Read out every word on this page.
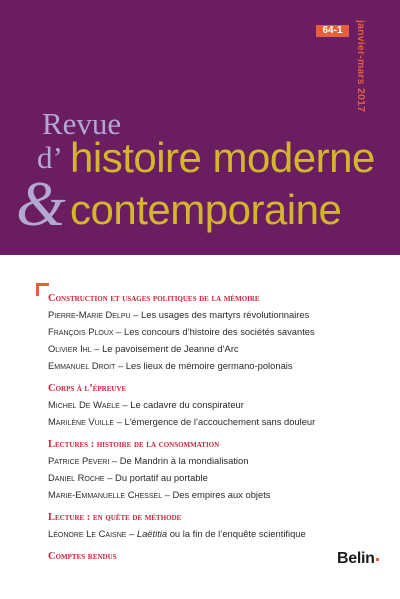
64-1	janvier-mars 2017
Revue
d’ histoire moderne
& contemporaine
Construction et usages politiques de la mémoire
Pierre-Marie Delpu – Les usages des martyrs révolutionnaires
François Ploux – Les concours d’histoire des sociétés savantes
Olivier Ihl – Le pavoisement de Jeanne d’Arc
Emmanuel Droit – Les lieux de mémoire germano-polonais
Corps à l’épreuve
Michel De Waele – Le cadavre du conspirateur
Marilène Vuille – L’émergence de l’accouchement sans douleur
Lectures : histoire de la consommation
Patrice Peveri – De Mandrin à la mondialisation
Daniel Roche – Du portatif au portable
Marie-Emmanuelle Chessel – Des empires aux objets
Lecture : en quête de méthode
Léonore Le Caisne – Laëtitia ou la fin de l’enquête scientifique
Comptes rendus	Belin
